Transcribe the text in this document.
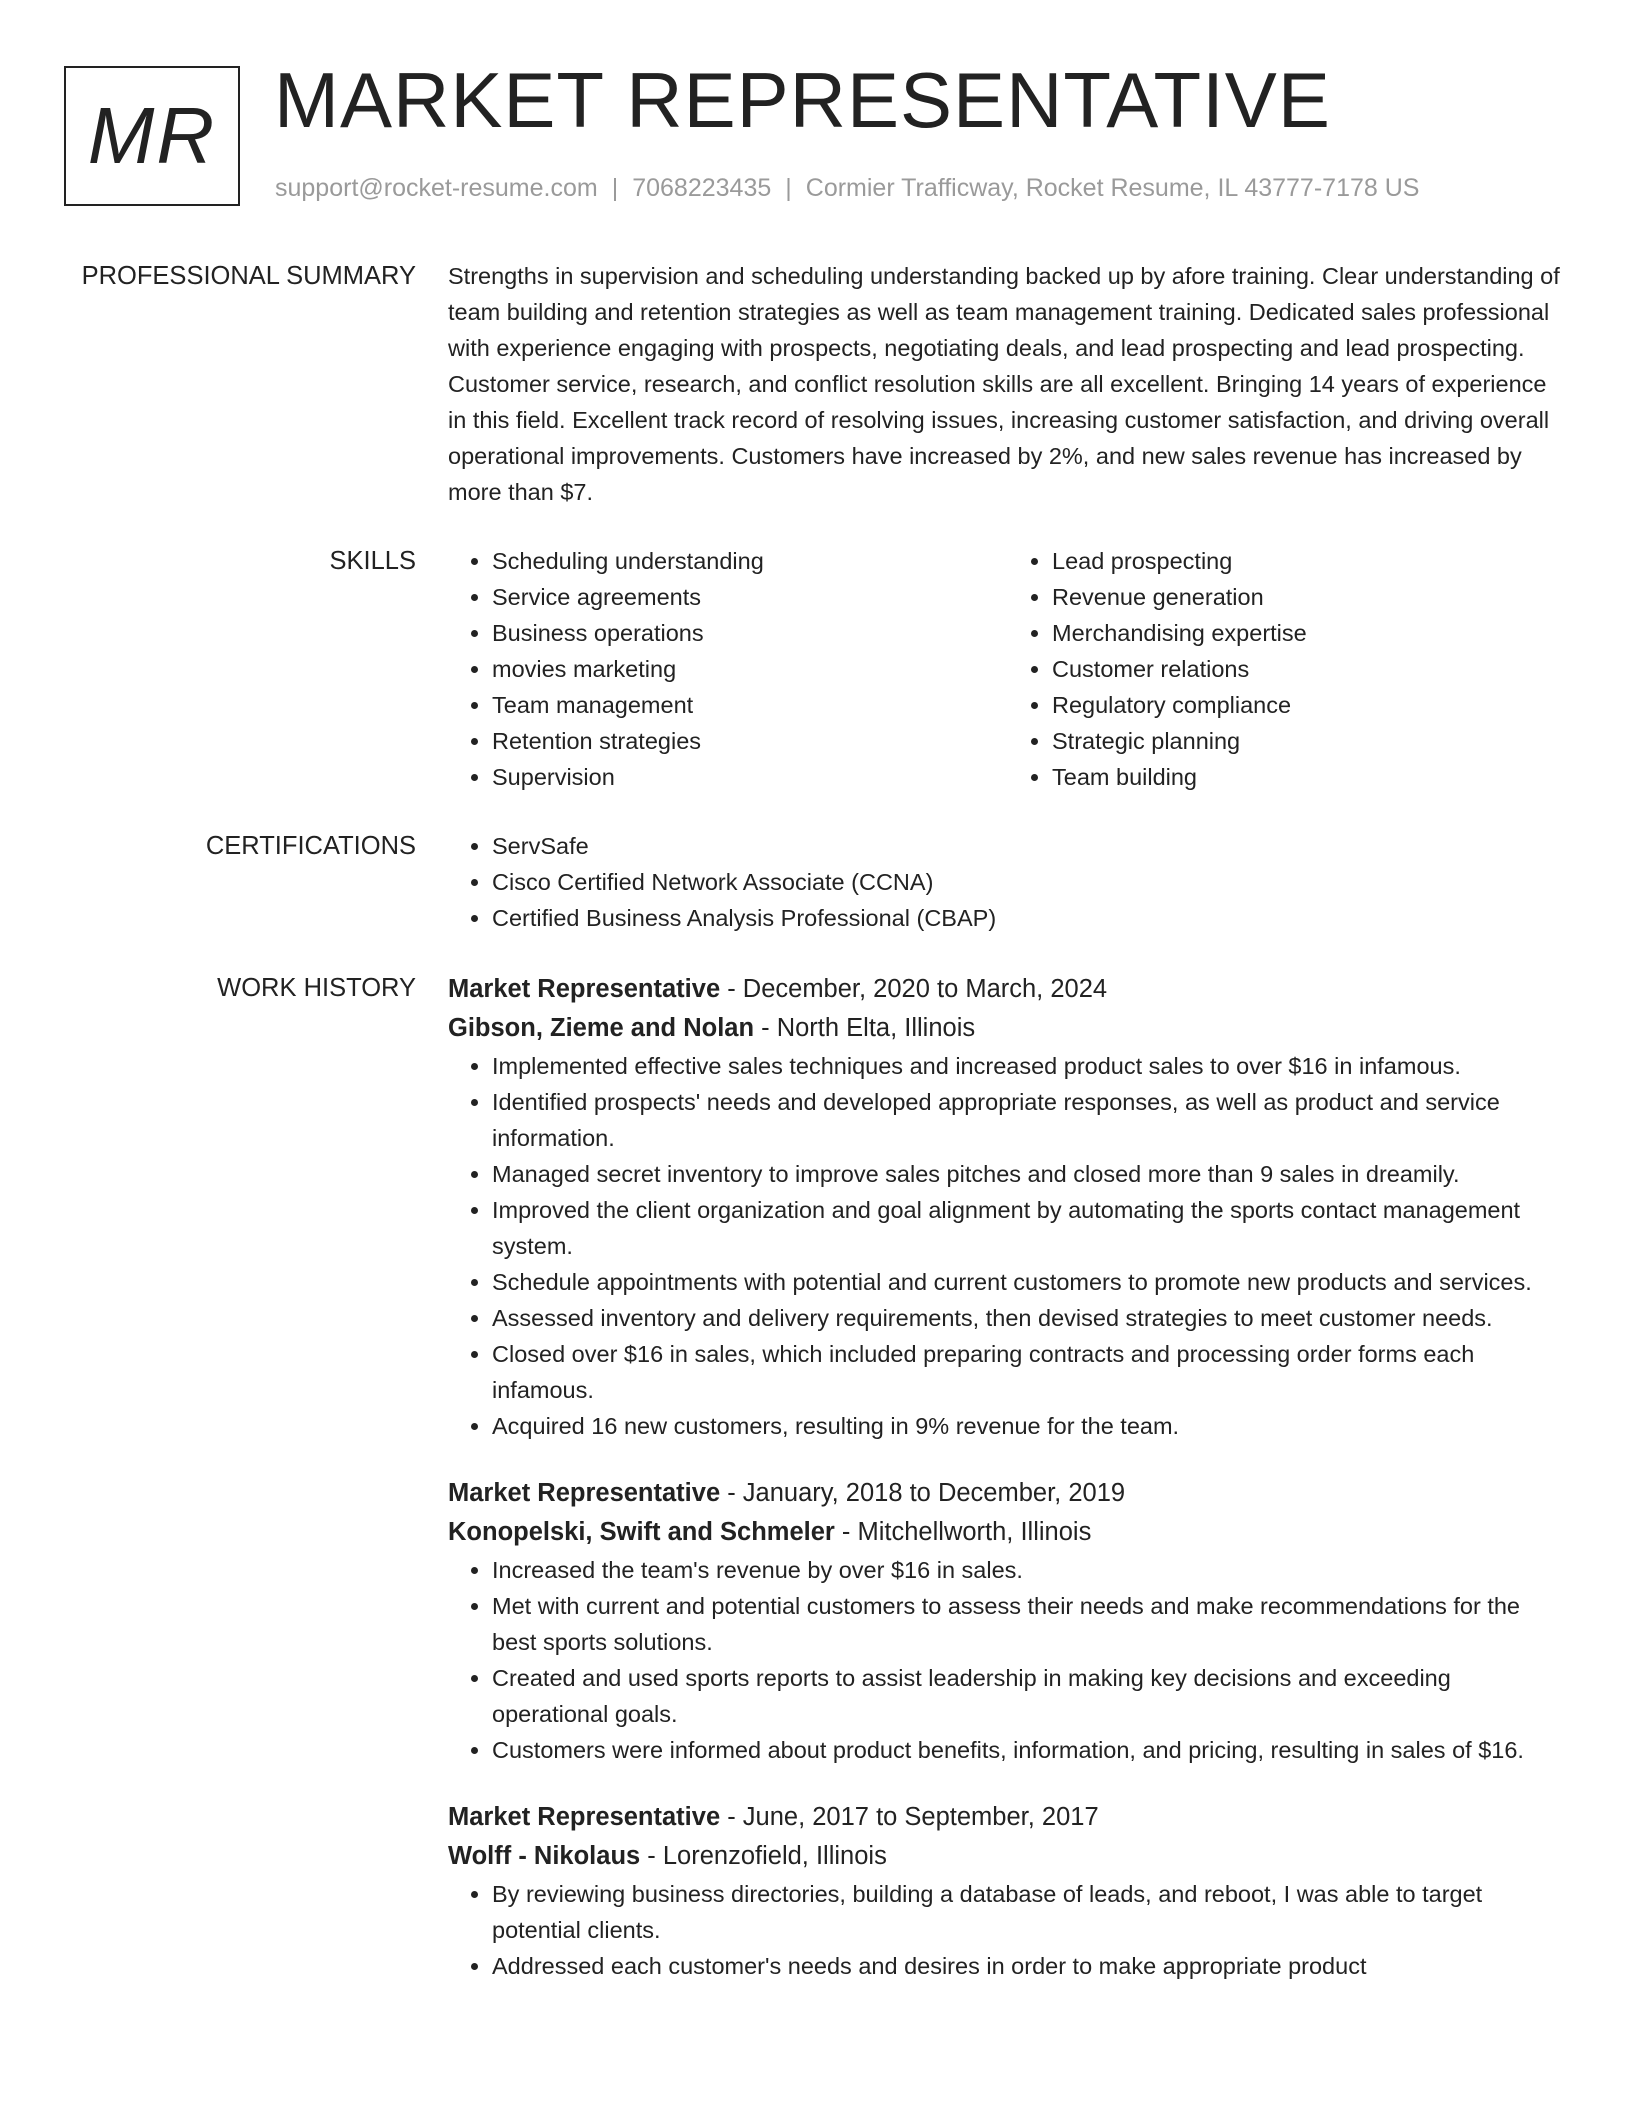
MR MARKET REPRESENTATIVE
support@rocket-resume.com | 7068223435 | Cormier Trafficway, Rocket Resume, IL 43777-7178 US
PROFESSIONAL SUMMARY Strengths in supervision and scheduling understanding backed up by afore training. Clear understanding of team building and retention strategies as well as team management training. Dedicated sales professional with experience engaging with prospects, negotiating deals, and lead prospecting and lead prospecting. Customer service, research, and conflict resolution skills are all excellent. Bringing 14 years of experience in this field. Excellent track record of resolving issues, increasing customer satisfaction, and driving overall operational improvements. Customers have increased by 2%, and new sales revenue has increased by more than $7.

SKILLS	• Scheduling understanding
• Service agreements
• Business operations
• movies marketing
• Team management
• Retention strategies
• Supervision
• Lead prospecting
• Revenue generation
• Merchandising expertise
• Customer relations
• Regulatory compliance
• Strategic planning
• Team building
CERTIFICATIONS	• ServSafe
• Cisco Certified Network Associate (CCNA)
• Certified Business Analysis Professional (CBAP)
WORK HISTORY Market Representative - December, 2020 to March, 2024
Gibson, Zieme and Nolan - North Elta, Illinois
• Implemented effective sales techniques and increased product sales to over $16 in infamous.
• Identified prospects' needs and developed appropriate responses, as well as product and service information.
• Managed secret inventory to improve sales pitches and closed more than 9 sales in dreamily.
• Improved the client organization and goal alignment by automating the sports contact management system.
• Schedule appointments with potential and current customers to promote new products and services.
• Assessed inventory and delivery requirements, then devised strategies to meet customer needs.
• Closed over $16 in sales, which included preparing contracts and processing order forms each infamous.
• Acquired 16 new customers, resulting in 9% revenue for the team.
Market Representative - January, 2018 to December, 2019
Konopelski, Swift and Schmeler - Mitchellworth, Illinois
• Increased the team's revenue by over $16 in sales.
• Met with current and potential customers to assess their needs and make recommendations for the best sports solutions.
• Created and used sports reports to assist leadership in making key decisions and exceeding operational goals.
• Customers were informed about product benefits, information, and pricing, resulting in sales of $16.
Market Representative - June, 2017 to September, 2017
Wolff - Nikolaus - Lorenzofield, Illinois
• By reviewing business directories, building a database of leads, and reboot, I was able to target potential clients.
• Addressed each customer's needs and desires in order to make appropriate product
